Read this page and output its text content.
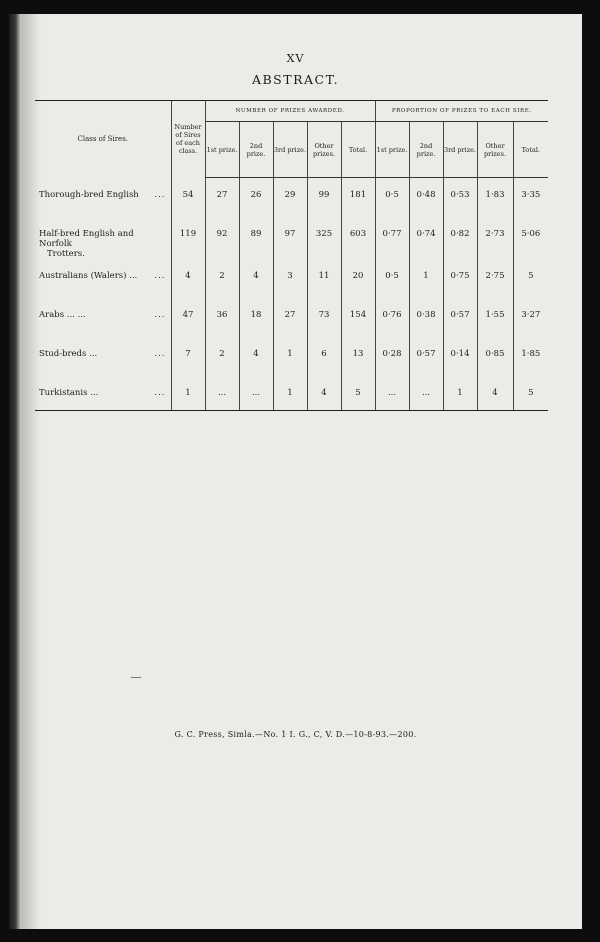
XV
ABSTRACT.
Class of Sires.	Number of Sires of each class.	NUMBER OF PRIZES AWARDED.					PROPORTION OF PRIZES TO EACH SIRE.				
		1st prize.	2nd prize.	3rd prize.	Other prizes.	Total.	1st prize.	2nd prize.	3rd prize.	Other prizes.	Total.

Thorough-bred English ...	54	27	26	29	99	181	0·5	0·48	0·53	1·83	3·35

Half-bred English and Norfolk
Trotters.	119	92	89	97	325	603	0·77	0·74	0·82	2·73	5·06

Australians (Walers) ... ...	4	2	4	3	11	20	0·5	1	0·75	2·75	5

Arabs ... ... ...	47	36	18	27	73	154	0·76	0·38	0·57	1·55	3·27

Stud-breds ... ...	7	2	4	1	6	13	0·28	0·57	0·14	0·85	1·85

Turkistanis ... ...	1	...	...	1	4	5	...	...	1	4	5
G. C. Press, Simla.—No. 1 I. G., C, V. D.—10-8-93.—200.
